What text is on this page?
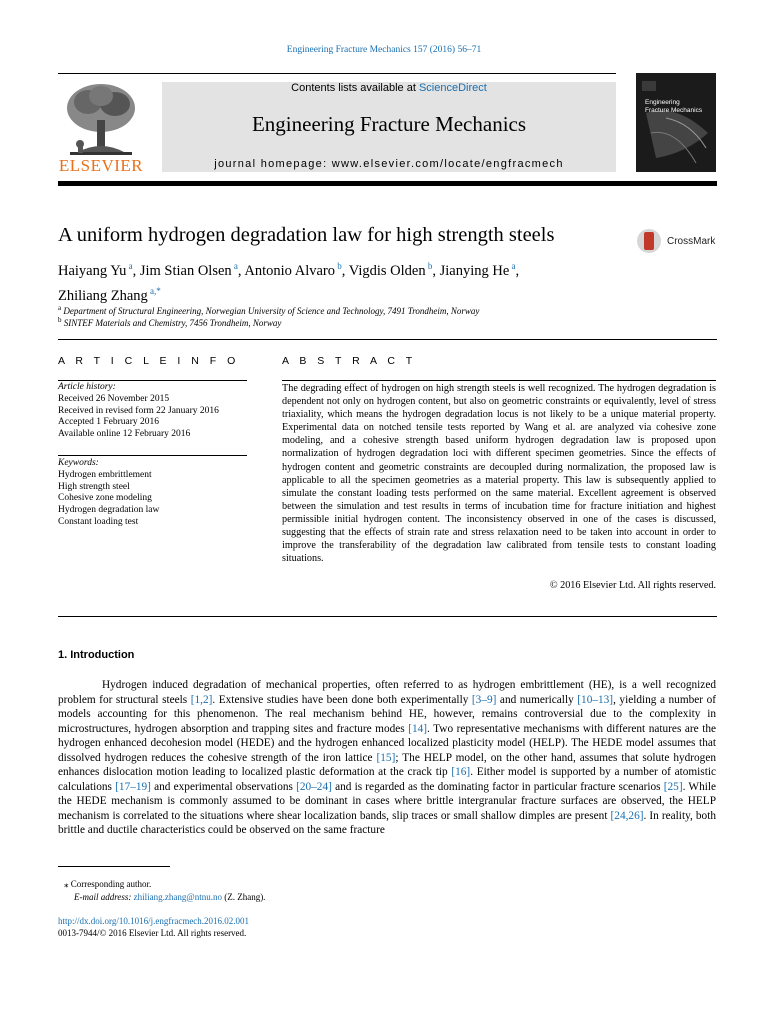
Engineering Fracture Mechanics 157 (2016) 56–71
ELSEVIER
Contents lists available at ScienceDirect
Engineering Fracture Mechanics
journal homepage: www.elsevier.com/locate/engfracmech
Engineering
Fracture Mechanics
A uniform hydrogen degradation law for high strength steels	CrossMark
Haiyang Yu $^a$, Jim Stian Olsen $^a$, Antonio Alvaro $^b$, Vigdis Olden $^b$, Jianying He $^a$,
Zhiliang Zhang $^{a,*}$
$^a$ Department of Structural Engineering, Norwegian University of Science and Technology, 7491 Trondheim, Norway
$^b$ SINTEF Materials and Chemistry, 7456 Trondheim, Norway
A R T I C L E I N F O	A B S T R A C T
Article history:
Received 26 November 2015
Received in revised form 22 January 2016
Accepted 1 February 2016
Available online 12 February 2016
Keywords:
Hydrogen embrittlement
High strength steel
Cohesive zone modeling
Hydrogen degradation law
Constant loading test
The degrading effect of hydrogen on high strength steels is well recognized. The hydrogen degradation is dependent not only on hydrogen content, but also on geometric constraints or equivalently, level of stress triaxiality, which means the hydrogen degradation locus is not likely to be a unique material property. Experimental data on notched tensile tests reported by Wang et al. are analyzed via cohesive zone modeling, and a cohesive strength based uniform hydrogen degradation law is proposed upon normalization of hydrogen degradation loci with different specimen geometries. Since the effects of hydrogen content and geometric constraints are decoupled during normalization, the proposed law is applicable to all the specimen geometries as a material property. This law is subsequently applied to simulate the constant loading tests performed on the same material. Excellent agreement is observed between the simulation and test results in terms of incubation time for fracture initiation and highest permissible initial hydrogen content. The inconsistency observed in one of the cases is discussed, suggesting that the effects of strain rate and stress relaxation need to be taken into account in order to improve the transferability of the degradation law calibrated from tensile tests to constant loading situations.
© 2016 Elsevier Ltd. All rights reserved.
1. Introduction
Hydrogen induced degradation of mechanical properties, often referred to as hydrogen embrittlement (HE), is a well recognized problem for structural steels [1,2]. Extensive studies have been done both experimentally [3–9] and numerically [10–13], yielding a number of models accounting for this phenomenon. The real mechanism behind HE, however, remains controversial due to the complexity in microstructures, hydrogen absorption and trapping sites and fracture modes [14]. Two representative mechanisms with different natures are the hydrogen enhanced decohesion model (HEDE) and the hydrogen enhanced localized plasticity model (HELP). The HEDE model assumes that dissolved hydrogen reduces the cohesive strength of the iron lattice [15]; The HELP model, on the other hand, assumes that solute hydrogen enhances dislocation motion leading to localized plastic deformation at the crack tip [16]. Either model is supported by a number of atomistic calculations [17–19] and experimental observations [20–24] and is regarded as the dominating factor in particular fracture scenarios [25]. While the HEDE mechanism is commonly assumed to be dominant in cases where brittle intergranular fracture surfaces are observed, the HELP mechanism is correlated to the situations where shear localization bands, slip traces or small shallow dimples are present [24,26]. In reality, both brittle and ductile characteristics could be observed on the same fracture
⁎ Corresponding author.
E-mail address: zhiliang.zhang@ntnu.no (Z. Zhang).
http://dx.doi.org/10.1016/j.engfracmech.2016.02.001
0013-7944/© 2016 Elsevier Ltd. All rights reserved.
